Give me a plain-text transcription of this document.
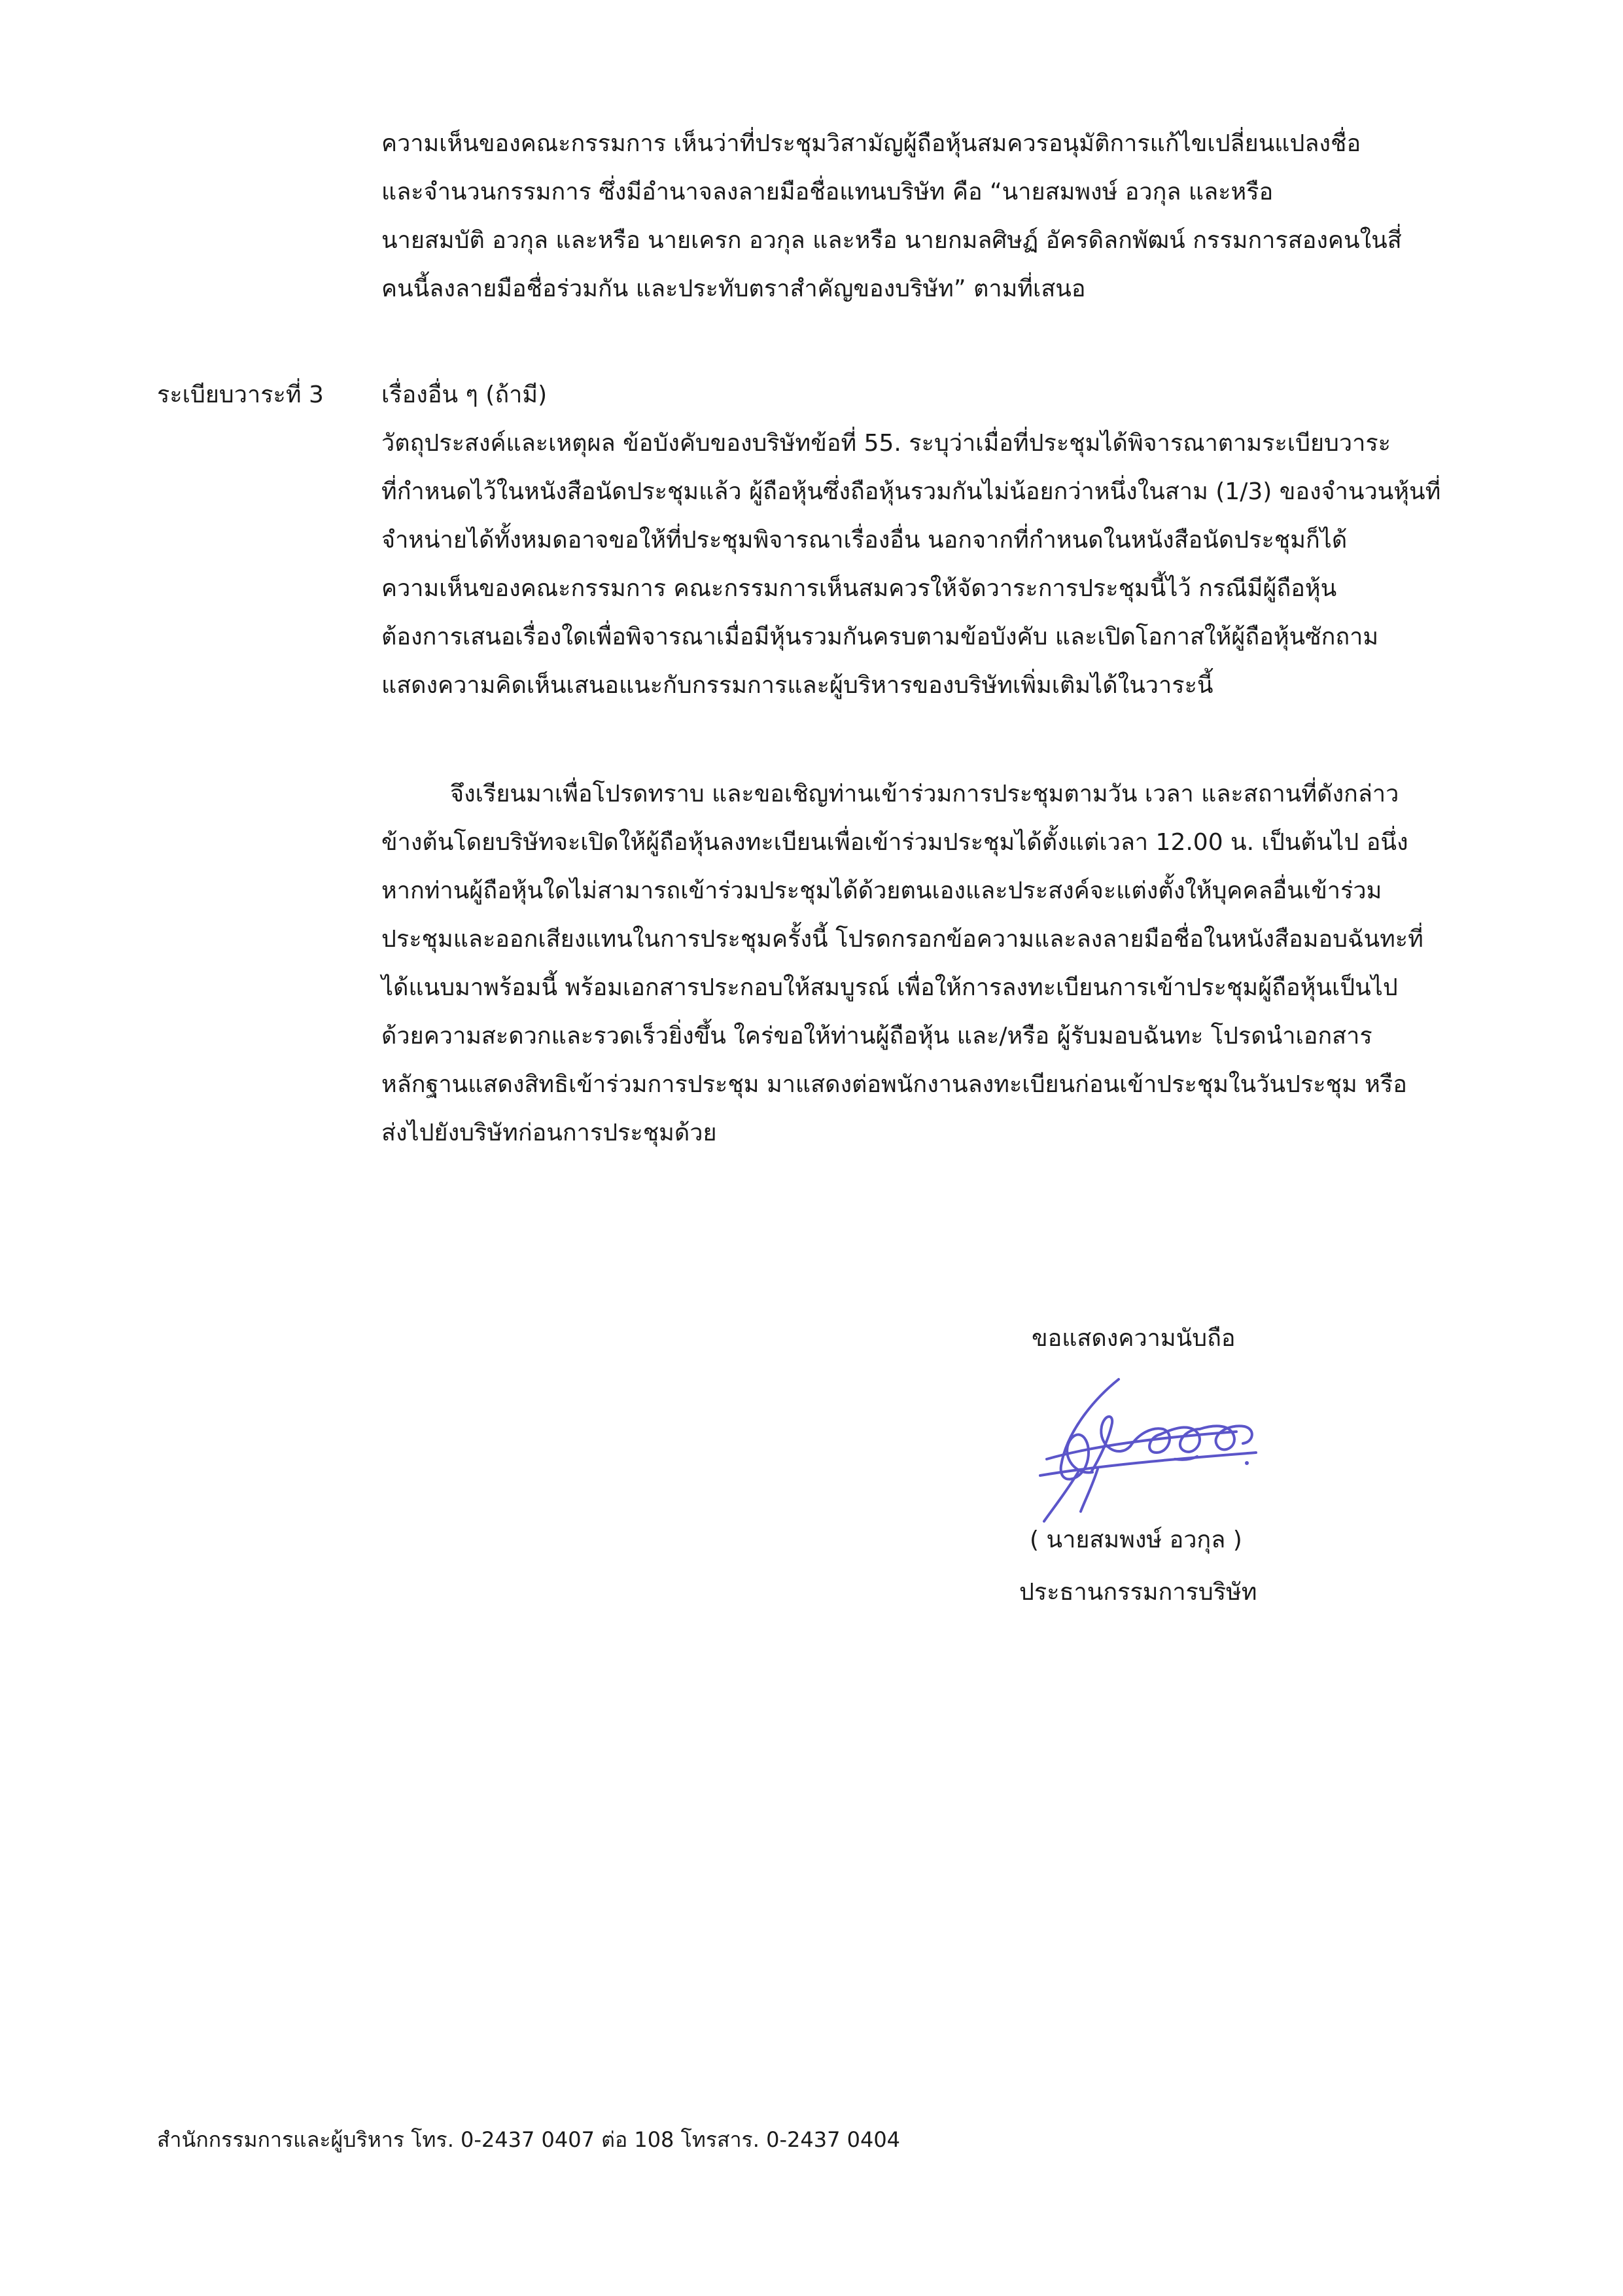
ความเห็นของคณะกรรมการ เห็นว่าที่ประชุมวิสามัญผู้ถือหุ้นสมควรอนุมัติการแก้ไขเปลี่ยนแปลงชื่อ
และจำนวนกรรมการ ซึ่งมีอำนาจลงลายมือชื่อแทนบริษัท คือ “นายสมพงษ์ อวกุล และหรือ
นายสมบัติ อวกุล และหรือ นายเครก อวกุล และหรือ นายกมลศิษฏ์ อัครดิลกพัฒน์ กรรมการสองคนในสี่
คนนี้ลงลายมือชื่อร่วมกัน และประทับตราสำคัญของบริษัท” ตามที่เสนอ
ระเบียบวาระที่ 3 เรื่องอื่น ๆ (ถ้ามี)
วัตถุประสงค์และเหตุผล ข้อบังคับของบริษัทข้อที่ 55. ระบุว่าเมื่อที่ประชุมได้พิจารณาตามระเบียบวาระ
ที่กำหนดไว้ในหนังสือนัดประชุมแล้ว ผู้ถือหุ้นซึ่งถือหุ้นรวมกันไม่น้อยกว่าหนึ่งในสาม (1/3) ของจำนวนหุ้นที่
จำหน่ายได้ทั้งหมดอาจขอให้ที่ประชุมพิจารณาเรื่องอื่น นอกจากที่กำหนดในหนังสือนัดประชุมก็ได้
ความเห็นของคณะกรรมการ คณะกรรมการเห็นสมควรให้จัดวาระการประชุมนี้ไว้ กรณีมีผู้ถือหุ้น
ต้องการเสนอเรื่องใดเพื่อพิจารณาเมื่อมีหุ้นรวมกันครบตามข้อบังคับ และเปิดโอกาสให้ผู้ถือหุ้นซักถาม
แสดงความคิดเห็นเสนอแนะกับกรรมการและผู้บริหารของบริษัทเพิ่มเติมได้ในวาระนี้
จึงเรียนมาเพื่อโปรดทราบ และขอเชิญท่านเข้าร่วมการประชุมตามวัน เวลา และสถานที่ดังกล่าว
ข้างต้นโดยบริษัทจะเปิดให้ผู้ถือหุ้นลงทะเบียนเพื่อเข้าร่วมประชุมได้ตั้งแต่เวลา 12.00 น. เป็นต้นไป อนึ่ง
หากท่านผู้ถือหุ้นใดไม่สามารถเข้าร่วมประชุมได้ด้วยตนเองและประสงค์จะแต่งตั้งให้บุคคลอื่นเข้าร่วม
ประชุมและออกเสียงแทนในการประชุมครั้งนี้ โปรดกรอกข้อความและลงลายมือชื่อในหนังสือมอบฉันทะที่
ได้แนบมาพร้อมนี้ พร้อมเอกสารประกอบให้สมบูรณ์ เพื่อให้การลงทะเบียนการเข้าประชุมผู้ถือหุ้นเป็นไป
ด้วยความสะดวกและรวดเร็วยิ่งขึ้น ใคร่ขอให้ท่านผู้ถือหุ้น และ/หรือ ผู้รับมอบฉันทะ โปรดนำเอกสาร
หลักฐานแสดงสิทธิเข้าร่วมการประชุม มาแสดงต่อพนักงานลงทะเบียนก่อนเข้าประชุมในวันประชุม หรือ
ส่งไปยังบริษัทก่อนการประชุมด้วย
ขอแสดงความนับถือ
( นายสมพงษ์ อวกุล )
ประธานกรรมการบริษัท
สำนักกรรมการและผู้บริหาร โทร. 0-2437 0407 ต่อ 108 โทรสาร. 0-2437 0404
